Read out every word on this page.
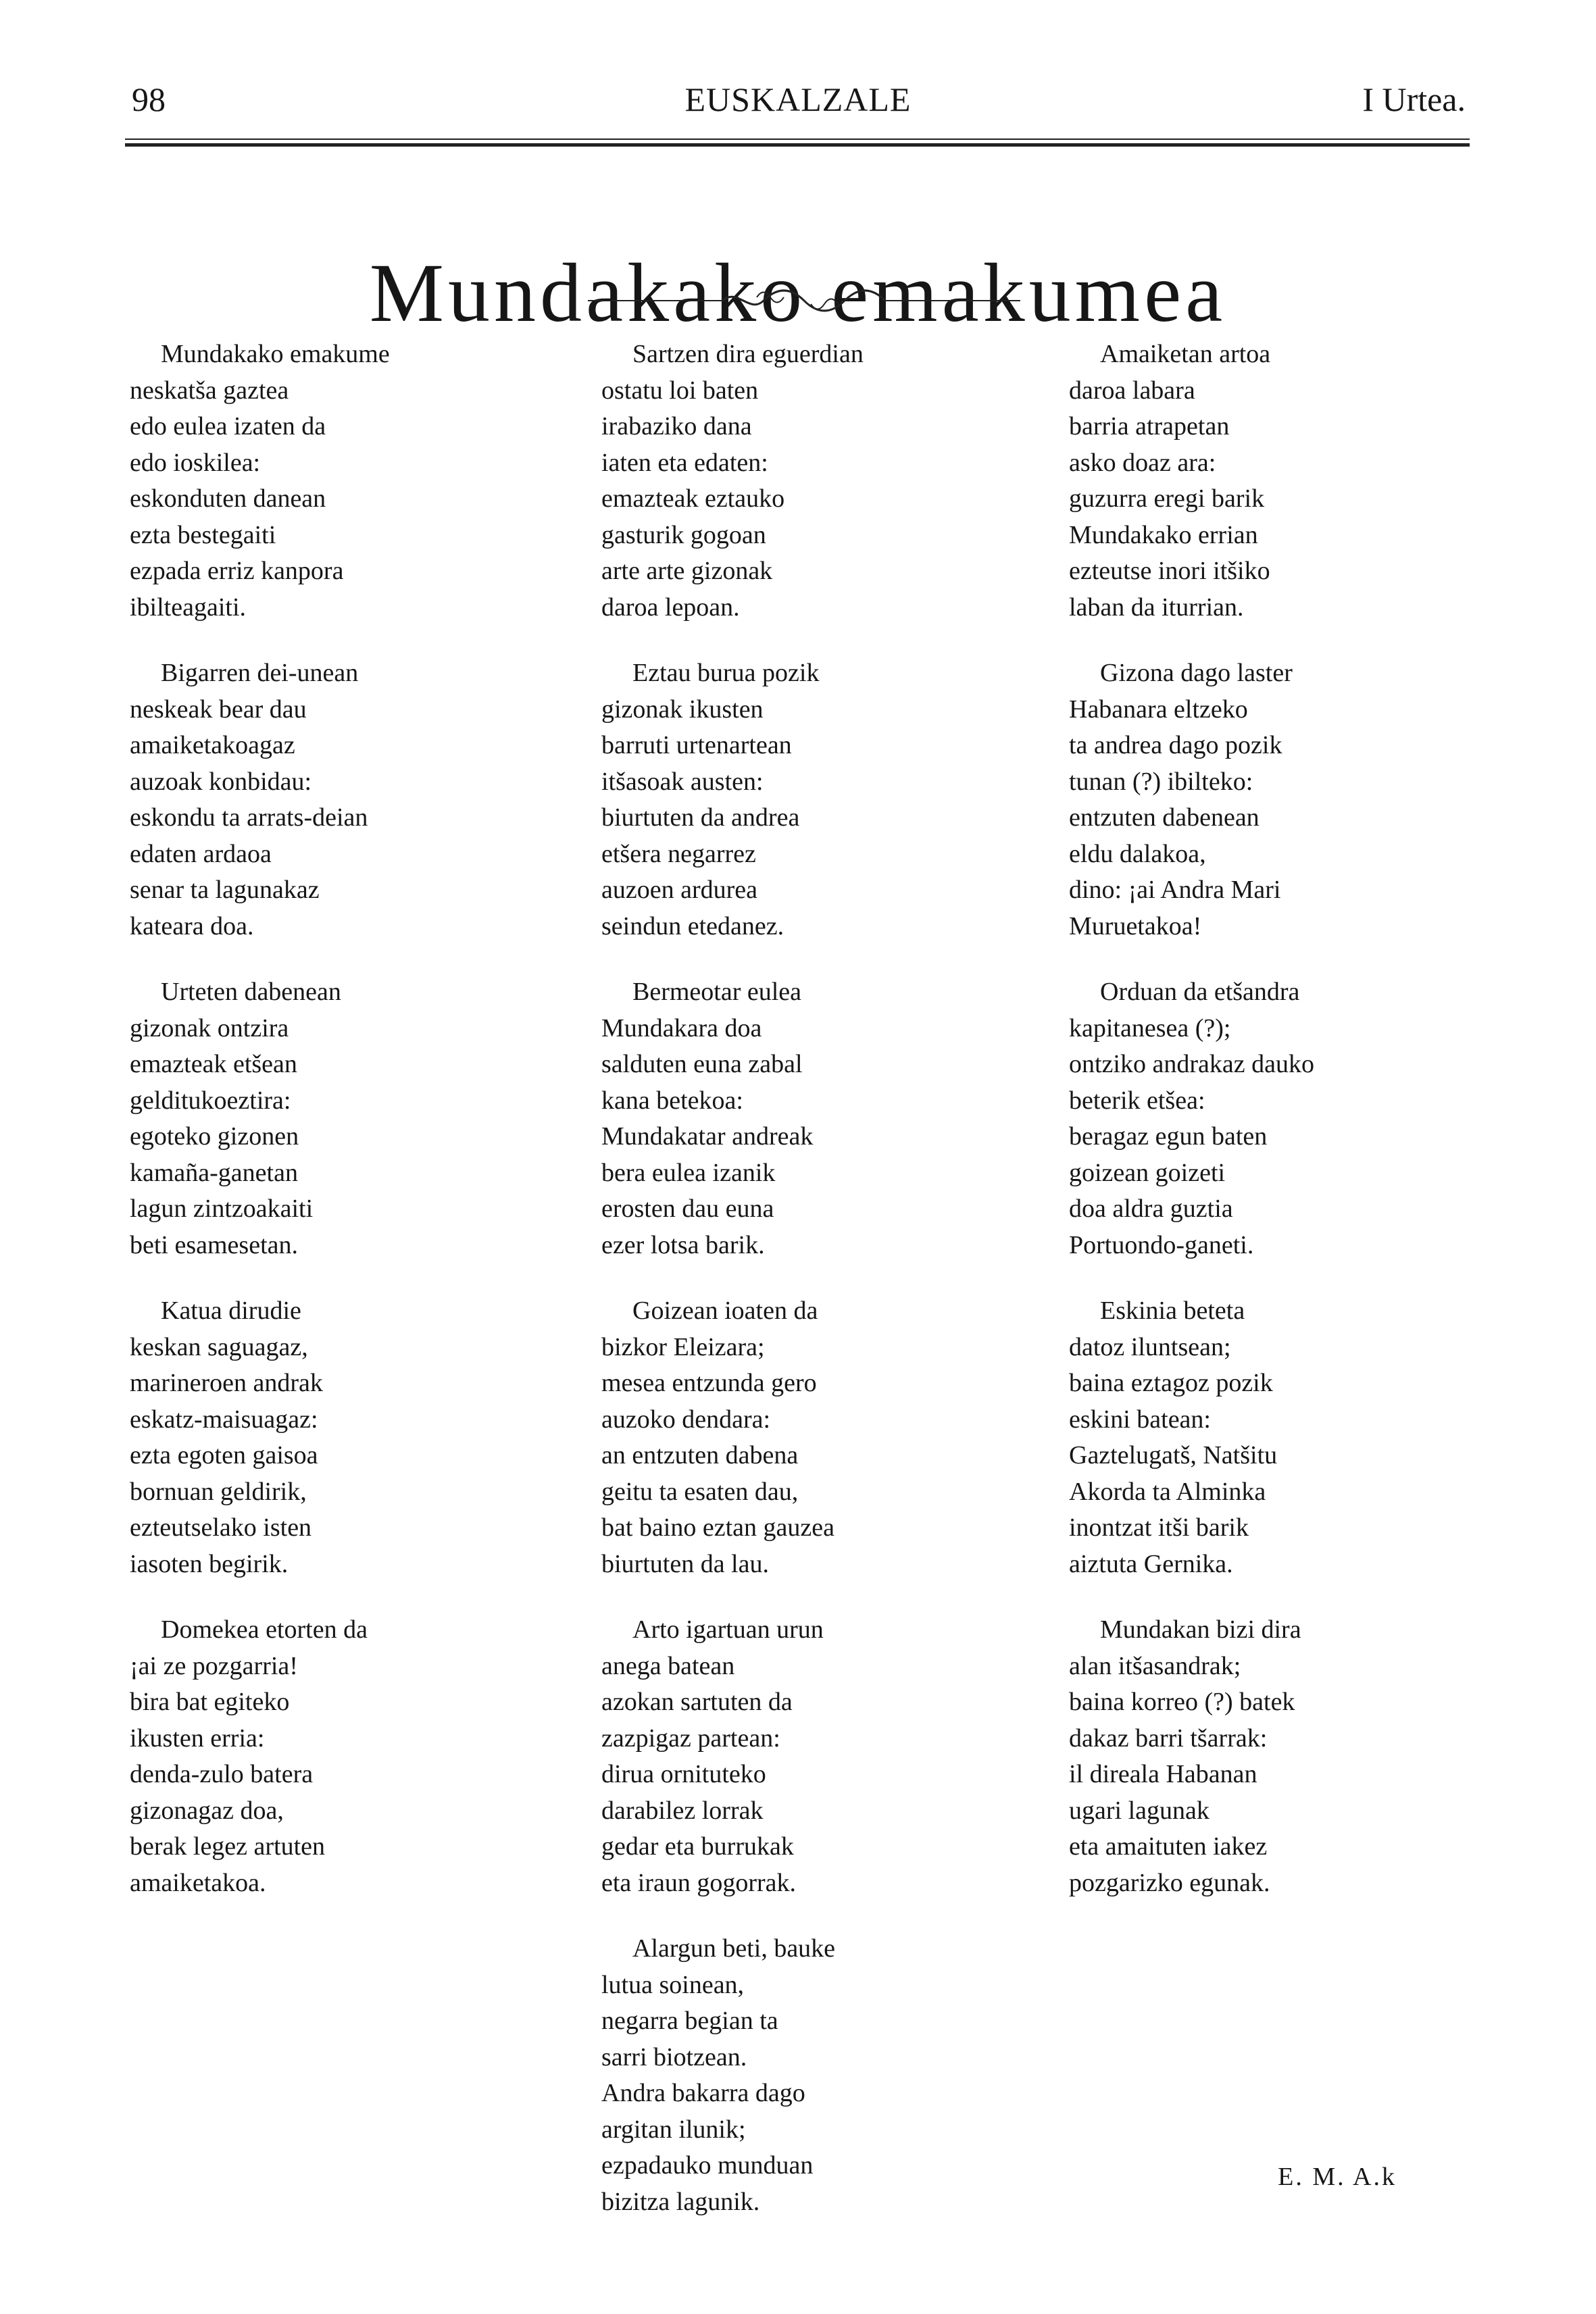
98	EUSKALZALE	I Urtea.
Mundakako emakumea
Mundakako emakume
neskatša gaztea
edo eulea izaten da
edo ioskilea:
eskonduten danean
ezta bestegaiti
ezpada erriz kanpora
ibilteagaiti.
Bigarren dei-unean
neskeak bear dau
amaiketakoagaz
auzoak konbidau:
eskondu ta arrats-deian
edaten ardaoa
senar ta lagunakaz
kateara doa.
Urteten dabenean
gizonak ontzira
emazteak etšean
gelditukoeztira:
egoteko gizonen
kamaña-ganetan
lagun zintzoakaiti
beti esamesetan.
Katua dirudie
keskan saguagaz,
marineroen andrak
eskatz-maisuagaz:
ezta egoten gaisoa
bornuan geldirik,
ezteutselako isten
iasoten begirik.
Domekea etorten da
¡ai ze pozgarria!
bira bat egiteko
ikusten erria:
denda-zulo batera
gizonagaz doa,
berak legez artuten
amaiketakoa.
Sartzen dira eguerdian
ostatu loi baten
irabaziko dana
iaten eta edaten:
emazteak eztauko
gasturik gogoan
arte arte gizonak
daroa lepoan.
Eztau burua pozik
gizonak ikusten
barruti urtenartean
itšasoak austen:
biurtuten da andrea
etšera negarrez
auzoen ardurea
seindun etedanez.
Bermeotar eulea
Mundakara doa
salduten euna zabal
kana betekoa:
Mundakatar andreak
bera eulea izanik
erosten dau euna
ezer lotsa barik.
Goizean ioaten da
bizkor Eleizara;
mesea entzunda gero
auzoko dendara:
an entzuten dabena
geitu ta esaten dau,
bat baino eztan gauzea
biurtuten da lau.
Arto igartuan urun
anega batean
azokan sartuten da
zazpigaz partean:
dirua ornituteko
darabilez lorrak
gedar eta burrukak
eta iraun gogorrak.
Alargun beti, bauke
lutua soinean,
negarra begian ta
sarri biotzean.
Andra bakarra dago
argitan ilunik;
ezpadauko munduan
bizitza lagunik.
Amaiketan artoa
daroa labara
barria atrapetan
asko doaz ara:
guzurra eregi barik
Mundakako errian
ezteutse inori itšiko
laban da iturrian.
Gizona dago laster
Habanara eltzeko
ta andrea dago pozik
tunan (?) ibilteko:
entzuten dabenean
eldu dalakoa,
dino: ¡ai Andra Mari
Muruetakoa!
Orduan da etšandra
kapitanesea (?);
ontziko andrakaz dauko
beterik etšea:
beragaz egun baten
goizean goizeti
doa aldra guztia
Portuondo-ganeti.
Eskinia beteta
datoz iluntsean;
baina eztagoz pozik
eskini batean:
Gaztelugatš, Natšitu
Akorda ta Alminka
inontzat itši barik
aiztuta Gernika.
Mundakan bizi dira
alan itšasandrak;
baina korreo (?) batek
dakaz barri tšarrak:
il direala Habanan
ugari lagunak
eta amaituten iakez
pozgarizko egunak.
E. M. A.k
